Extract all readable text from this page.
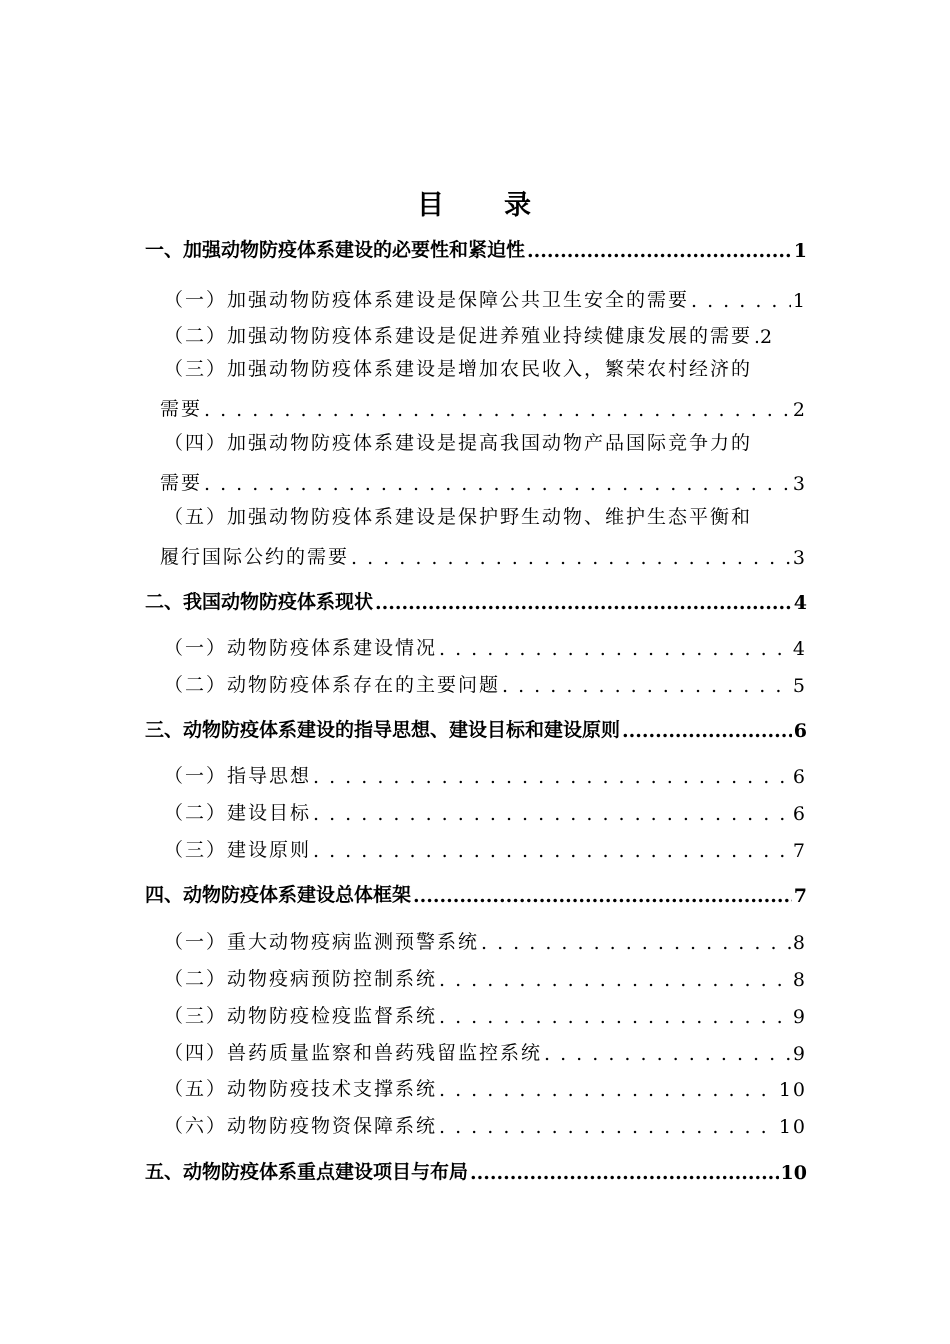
目 录
一、加强动物防疫体系建设的必要性和紧迫性 .....	1
（一）加强动物防疫体系建设是保障公共卫生安全的需要 . . .	1
（二）加强动物防疫体系建设是促进养殖业持续健康发展的需要 . . . 2
（三）加强动物防疫体系建设是增加农民收入，繁荣农村经济的
需要 . . .	2
（四）加强动物防疫体系建设是提高我国动物产品国际竞争力的
需要 . . .	3
（五）加强动物防疫体系建设是保护野生动物、维护生态平衡和
履行国际公约的需要 . . .	3
二、我国动物防疫体系现状 .....	4
（一）动物防疫体系建设情况 . . .	4
（二）动物防疫体系存在的主要问题 . . .	5
三、动物防疫体系建设的指导思想、建设目标和建设原则 .....	6
（一）指导思想 . . .	6
（二）建设目标 . . .	6
（三）建设原则 . . .	7
四、动物防疫体系建设总体框架 .....	7
（一）重大动物疫病监测预警系统 . . .	8
（二）动物疫病预防控制系统 . . .	8
（三）动物防疫检疫监督系统 . . .	9
（四）兽药质量监察和兽药残留监控系统 . . .	9
（五）动物防疫技术支撑系统 . . .	10
（六）动物防疫物资保障系统 . . .	10
五、动物防疫体系重点建设项目与布局 .....	10
